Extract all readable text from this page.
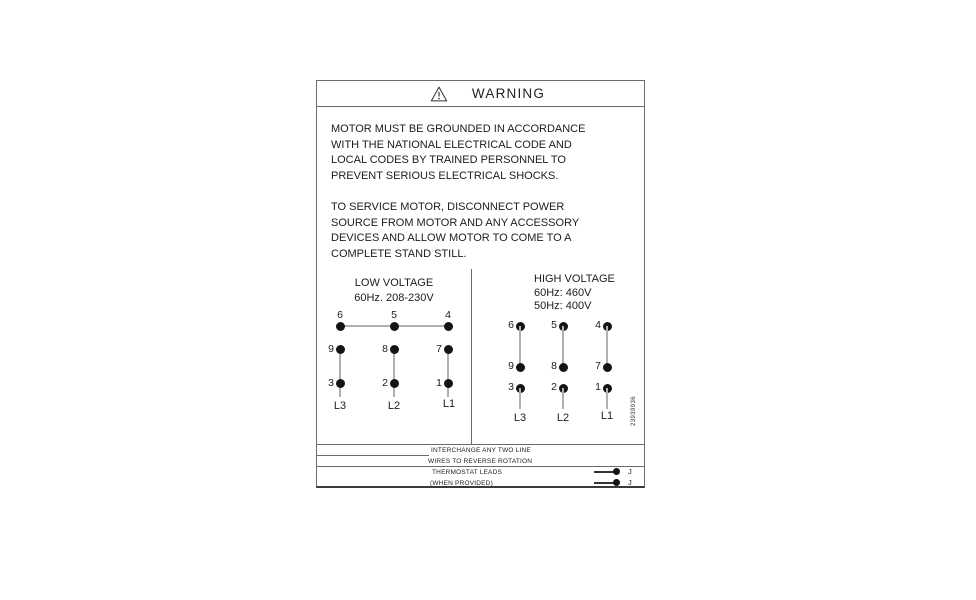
WARNING
MOTOR MUST BE GROUNDED IN ACCORDANCE
WITH THE NATIONAL ELECTRICAL CODE AND
LOCAL CODES BY TRAINED PERSONNEL TO
PREVENT SERIOUS ELECTRICAL SHOCKS.
TO SERVICE MOTOR, DISCONNECT POWER
SOURCE FROM MOTOR AND ANY ACCESSORY
DEVICES AND ALLOW MOTOR TO COME TO A
COMPLETE STAND STILL.
LOW VOLTAGE
60Hz. 208-230V
6
9
3
L3
5
8
2
L2
4
7
1
L1
HIGH VOLTAGE
60Hz: 460V
50Hz: 400V
6
9
3
L3
5
8
2
L2
4
7
1
L1	23939936
INTERCHANGE ANY TWO LINE
WIRES TO REVERSE ROTATION
THERMOSTAT LEADS	J
(WHEN PROVIDED)	J
